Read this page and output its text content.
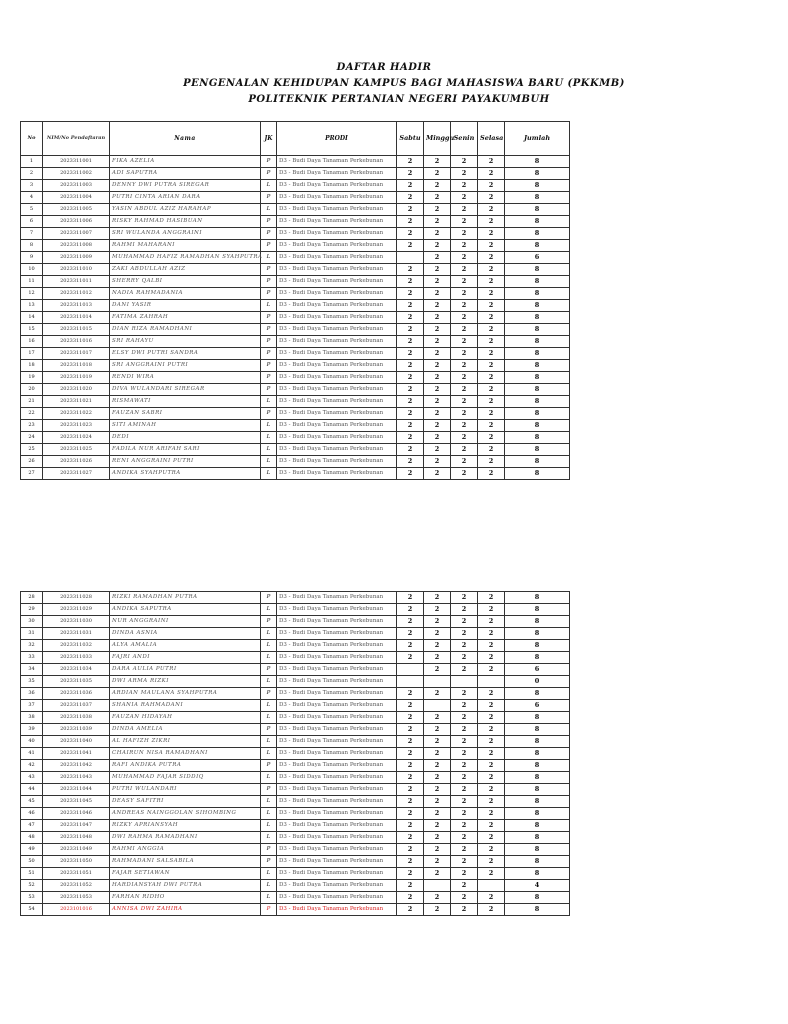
DAFTAR HADIR
PENGENALAN KEHIDUPAN KAMPUS BAGI MAHASISWA BARU (PKKMB)
POLITEKNIK PERTANIAN NEGERI PAYAKUMBUH
No	NIM/No Pendaftaran	Nama	JK	PRODI	Sabtu	Minggu	Senin	Selasa	Jumlah
1	2023311001	FIKA AZELIA	P	D3 - Budi Daya Tanaman Perkebunan	2	2	2	2	8
2	2023311002	ADI SAPUTRA	P	D3 - Budi Daya Tanaman Perkebunan	2	2	2	2	8
3	2023311003	DENNY DWI PUTRA SIREGAR	L	D3 - Budi Daya Tanaman Perkebunan	2	2	2	2	8
4	2023311004	PUTRI CINTA ARIAN DARA	P	D3 - Budi Daya Tanaman Perkebunan	2	2	2	2	8
5	2023311005	YASIN ABDUL AZIZ HARAHAP	L	D3 - Budi Daya Tanaman Perkebunan	2	2	2	2	8
6	2023311006	RISKY RAHMAD HASIBUAN	P	D3 - Budi Daya Tanaman Perkebunan	2	2	2	2	8
7	2023311007	SRI WULANDA ANGGRAINI	P	D3 - Budi Daya Tanaman Perkebunan	2	2	2	2	8
8	2023311008	RAHMI MAHARANI	P	D3 - Budi Daya Tanaman Perkebunan	2	2	2	2	8
9	2023311009	MUHAMMAD HAFIZ RAMADHAN SYAHPUTRA	L	D3 - Budi Daya Tanaman Perkebunan		2	2	2	6
10	2023311010	ZAKI ABDULLAH AZIZ	P	D3 - Budi Daya Tanaman Perkebunan	2	2	2	2	8
11	2023311011	SHERRY QALBI	P	D3 - Budi Daya Tanaman Perkebunan	2	2	2	2	8
12	2023311012	NADIA RAHMADANIA	P	D3 - Budi Daya Tanaman Perkebunan	2	2	2	2	8
13	2023311013	DANI YASIR	L	D3 - Budi Daya Tanaman Perkebunan	2	2	2	2	8
14	2023311014	FATIMA ZAHRAH	P	D3 - Budi Daya Tanaman Perkebunan	2	2	2	2	8
15	2023311015	DIAN RIZA RAMADHANI	P	D3 - Budi Daya Tanaman Perkebunan	2	2	2	2	8
16	2023311016	SRI RAHAYU	P	D3 - Budi Daya Tanaman Perkebunan	2	2	2	2	8
17	2023311017	ELSY DWI PUTRI SANDRA	P	D3 - Budi Daya Tanaman Perkebunan	2	2	2	2	8
18	2023311018	SRI ANGGRAINI PUTRI	P	D3 - Budi Daya Tanaman Perkebunan	2	2	2	2	8
19	2023311019	RENDI WIRA	P	D3 - Budi Daya Tanaman Perkebunan	2	2	2	2	8
20	2023311020	DIVA WULANDARI SIREGAR	P	D3 - Budi Daya Tanaman Perkebunan	2	2	2	2	8
21	2023311021	RISMAWATI	L	D3 - Budi Daya Tanaman Perkebunan	2	2	2	2	8
22	2023311022	FAUZAN SABRI	P	D3 - Budi Daya Tanaman Perkebunan	2	2	2	2	8
23	2023311023	SITI AMINAH	L	D3 - Budi Daya Tanaman Perkebunan	2	2	2	2	8
24	2023311024	DEDI	L	D3 - Budi Daya Tanaman Perkebunan	2	2	2	2	8
25	2023311025	FADILA NUR ARIFAH SARI	L	D3 - Budi Daya Tanaman Perkebunan	2	2	2	2	8
26	2023311026	RENI ANGGRAINI PUTRI	L	D3 - Budi Daya Tanaman Perkebunan	2	2	2	2	8
27	2023311027	ANDIKA SYAHPUTRA	L	D3 - Budi Daya Tanaman Perkebunan	2	2	2	2	8
28	2023311028	RIZKI RAMADHAN PUTRA	P	D3 - Budi Daya Tanaman Perkebunan	2	2	2	2	8
29	2023311029	ANDIKA SAPUTRA	L	D3 - Budi Daya Tanaman Perkebunan	2	2	2	2	8
30	2023311030	NUR ANGGRAINI	P	D3 - Budi Daya Tanaman Perkebunan	2	2	2	2	8
31	2023311031	DINDA ASNIA	L	D3 - Budi Daya Tanaman Perkebunan	2	2	2	2	8
32	2023311032	ALYA AMALIA	L	D3 - Budi Daya Tanaman Perkebunan	2	2	2	2	8
33	2023311033	FAJRI ANDI	L	D3 - Budi Daya Tanaman Perkebunan	2	2	2	2	8
34	2023311034	DARA AULIA PUTRI	P	D3 - Budi Daya Tanaman Perkebunan		2	2	2	6
35	2023311035	DWI ARMA RIZKI	L	D3 - Budi Daya Tanaman Perkebunan					0
36	2023311036	ARDIAN MAULANA SYAHPUTRA	P	D3 - Budi Daya Tanaman Perkebunan	2	2	2	2	8
37	2023311037	SHANIA RAHMADANI	L	D3 - Budi Daya Tanaman Perkebunan	2		2	2	6
38	2023311038	FAUZAN HIDAYAH	L	D3 - Budi Daya Tanaman Perkebunan	2	2	2	2	8
39	2023311039	DINDA AMELIA	P	D3 - Budi Daya Tanaman Perkebunan	2	2	2	2	8
40	2023311040	AL HAFIZH ZIKRI	L	D3 - Budi Daya Tanaman Perkebunan	2	2	2	2	8
41	2023311041	CHAIRUN NISA RAMADHANI	L	D3 - Budi Daya Tanaman Perkebunan	2	2	2	2	8
42	2023311042	RAFI ANDIKA PUTRA	P	D3 - Budi Daya Tanaman Perkebunan	2	2	2	2	8
43	2023311043	MUHAMMAD FAJAR SIDDIQ	L	D3 - Budi Daya Tanaman Perkebunan	2	2	2	2	8
44	2023311044	PUTRI WULANDARI	P	D3 - Budi Daya Tanaman Perkebunan	2	2	2	2	8
45	2023311045	DEASY SAFITRI	L	D3 - Budi Daya Tanaman Perkebunan	2	2	2	2	8
46	2023311046	ANDREAS NAINGGOLAN SIHOMBING	L	D3 - Budi Daya Tanaman Perkebunan	2	2	2	2	8
47	2023311047	RIZKY APRIANSYAH	L	D3 - Budi Daya Tanaman Perkebunan	2	2	2	2	8
48	2023311048	DWI RAHMA RAMADHANI	L	D3 - Budi Daya Tanaman Perkebunan	2	2	2	2	8
49	2023311049	RAHMI ANGGIA	P	D3 - Budi Daya Tanaman Perkebunan	2	2	2	2	8
50	2023311050	RAHMADANI SALSABILA	P	D3 - Budi Daya Tanaman Perkebunan	2	2	2	2	8
51	2023311051	FAJAR SETIAWAN	L	D3 - Budi Daya Tanaman Perkebunan	2	2	2	2	8
52	2023311052	HARDIANSYAH DWI PUTRA	L	D3 - Budi Daya Tanaman Perkebunan	2		2		4
53	2023311053	FARHAN RIDHO	L	D3 - Budi Daya Tanaman Perkebunan	2	2	2	2	8
54	2023101016	ANNISA DWI ZAHIRA	P	D3 - Budi Daya Tanaman Perkebunan	2	2	2	2	8
